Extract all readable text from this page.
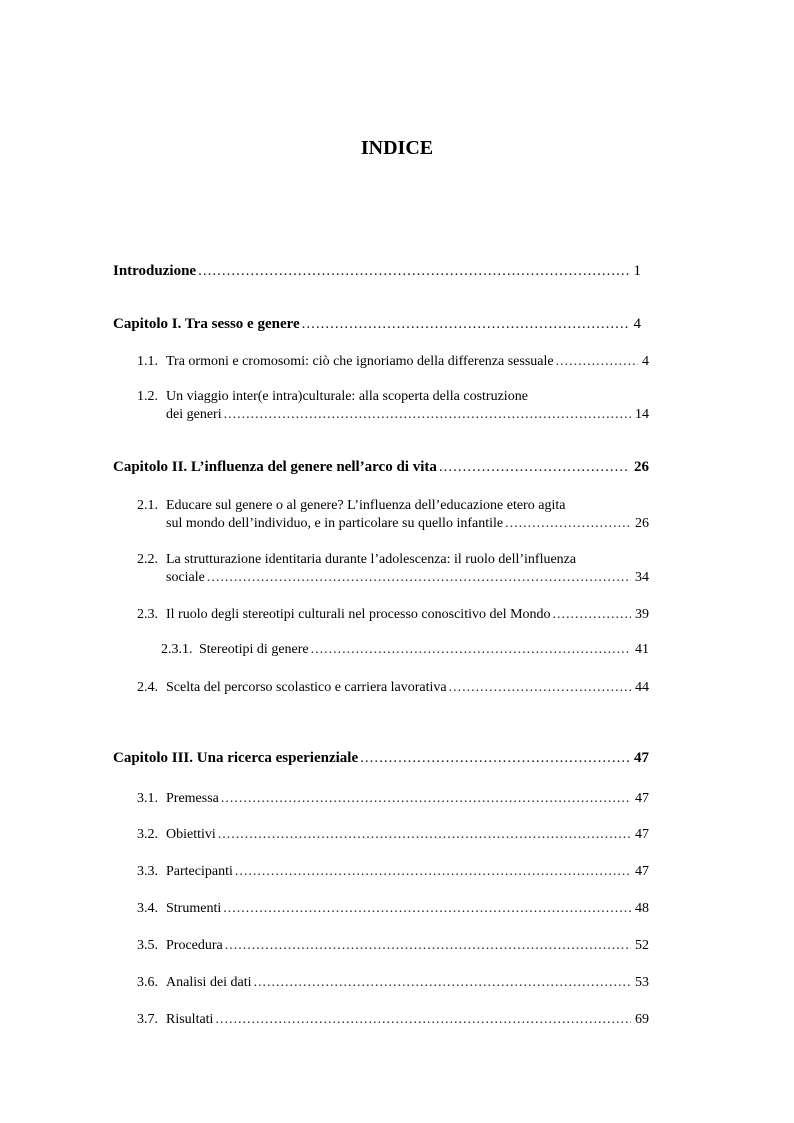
INDICE
Introduzione .....	1
Capitolo I. Tra sesso e genere .....	4
1.1. Tra ormoni e cromosomi: ciò che ignoriamo della differenza sessuale .....	4
1.2. Un viaggio inter(e intra)culturale: alla scoperta della costruzione
dei generi .....	14
Capitolo II. L’influenza del genere nell’arco di vita .....	26
2.1. Educare sul genere o al genere? L’influenza dell’educazione etero agita
sul mondo dell’individuo, e in particolare su quello infantile .....	26
2.2. La strutturazione identitaria durante l’adolescenza: il ruolo dell’influenza
sociale .....	34
2.3. Il ruolo degli stereotipi culturali nel processo conoscitivo del Mondo .....	39
2.3.1. Stereotipi di genere .....	41
2.4. Scelta del percorso scolastico e carriera lavorativa .....	44
Capitolo III. Una ricerca esperienziale .....	47
3.1. Premessa .....	47
3.2. Obiettivi .....	47
3.3. Partecipanti .....	47
3.4. Strumenti .....	48
3.5. Procedura .....	52
3.6. Analisi dei dati .....	53
3.7. Risultati .....	69
